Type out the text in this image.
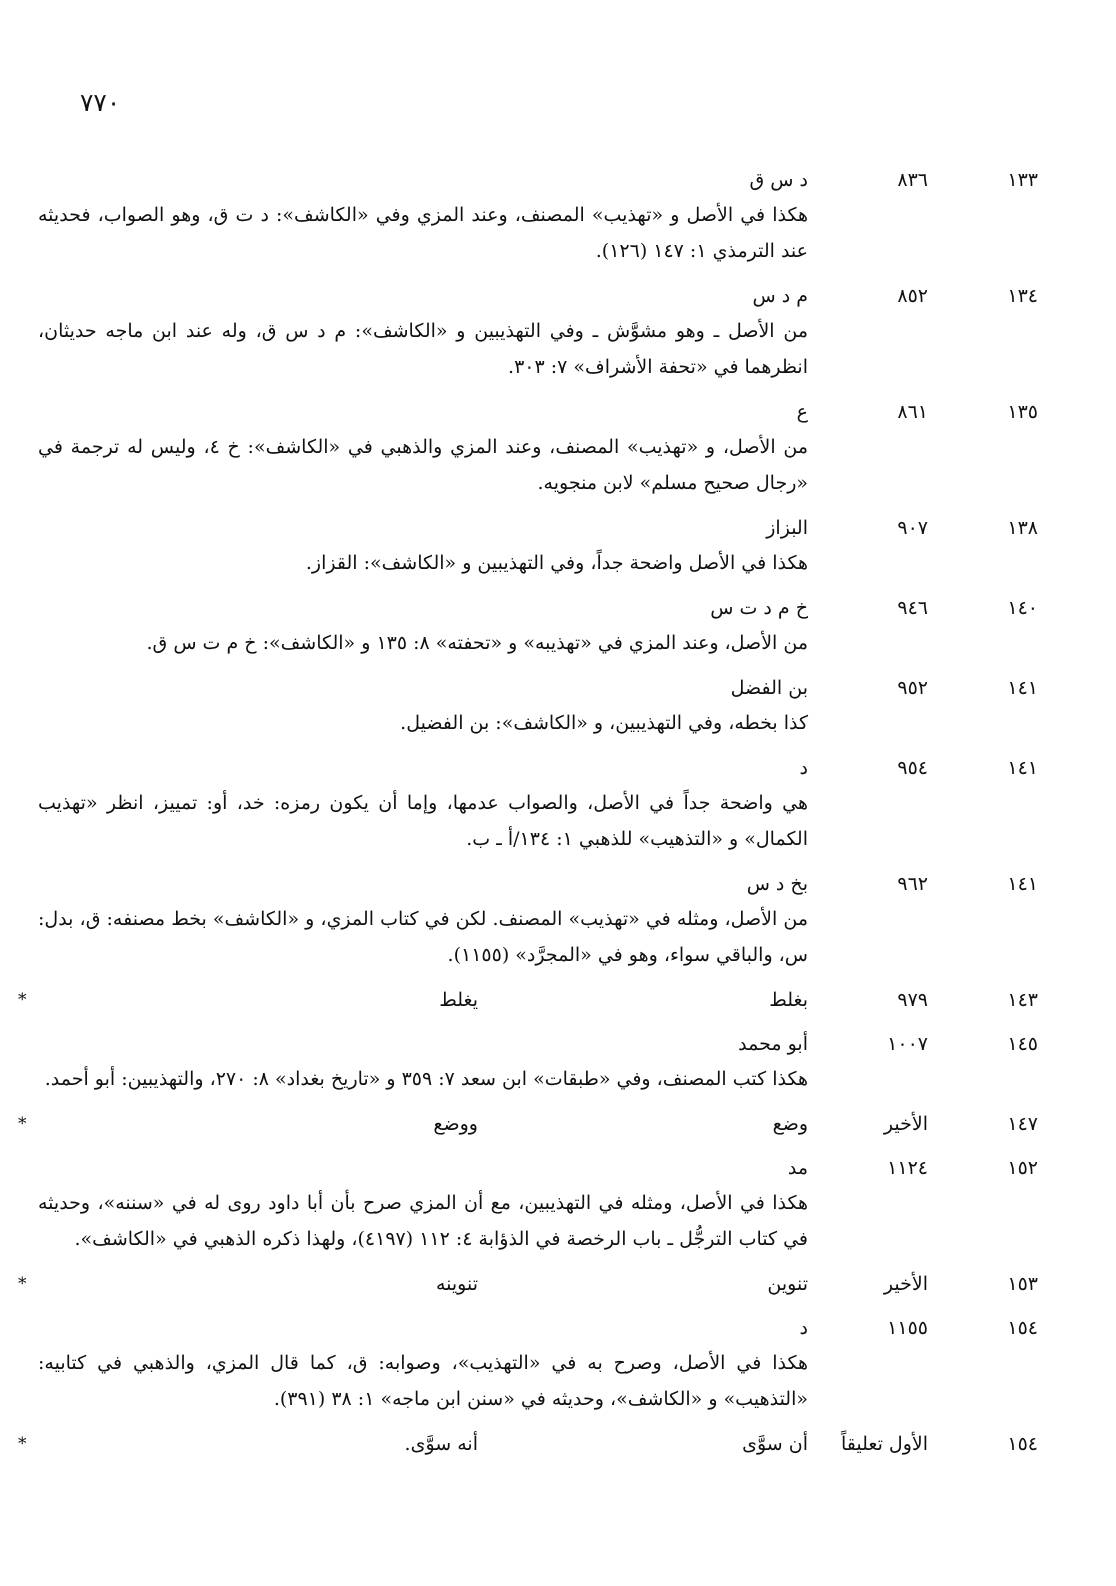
٧٧٠
١٣٣
٨٣٦
د س ق
هكذا في الأصل و «تهذيب» المصنف، وعند المزي وفي «الكاشف»: د ت ق، وهو الصواب، فحديثه عند الترمذي ١: ١٤٧ (١٢٦).
١٣٤
٨٥٢
م د س
من الأصل ـ وهو مشوَّش ـ وفي التهذيبين و «الكاشف»: م د س ق، وله عند ابن ماجه حديثان، انظرهما في «تحفة الأشراف» ٧: ٣٠٣.
١٣٥
٨٦١
ع
من الأصل، و «تهذيب» المصنف، وعند المزي والذهبي في «الكاشف»: خ ٤، وليس له ترجمة في «رجال صحيح مسلم» لابن منجويه.
١٣٨
٩٠٧
البزاز
هكذا في الأصل واضحة جداً، وفي التهذيبين و «الكاشف»: القزاز.
١٤٠
٩٤٦
خ م د ت س
من الأصل، وعند المزي في «تهذيبه» و «تحفته» ٨: ١٣٥ و «الكاشف»: خ م ت س ق.
١٤١
٩٥٢
بن الفضل
كذا بخطه، وفي التهذيبين، و «الكاشف»: بن الفضيل.
١٤١
٩٥٤
د
هي واضحة جداً في الأصل، والصواب عدمها، وإما أن يكون رمزه: خد، أو: تمييز، انظر «تهذيب الكمال» و «التذهيب» للذهبي ١: ١٣٤/أ ـ ب.
١٤١
٩٦٢
بخ د س
من الأصل، ومثله في «تهذيب» المصنف. لكن في كتاب المزي، و «الكاشف» بخط مصنفه: ق، بدل: س، والباقي سواء، وهو في «المجرَّد» (١١٥٥).
١٤٣
٩٧٩
بغلط
يغلط
*
١٤٥
١٠٠٧
أبو محمد
هكذا كتب المصنف، وفي «طبقات» ابن سعد ٧: ٣٥٩ و «تاريخ بغداد» ٨: ٢٧٠، والتهذيبين: أبو أحمد.
١٤٧
الأخير
وضع
ووضع
*
١٥٢
١١٢٤
مد
هكذا في الأصل، ومثله في التهذيبين، مع أن المزي صرح بأن أبا داود روى له في «سننه»، وحديثه في كتاب الترجُّل ـ باب الرخصة في الذؤابة ٤: ١١٢ (٤١٩٧)، ولهذا ذكره الذهبي في «الكاشف».
١٥٣
الأخير
تنوين
تنوينه
*
١٥٤
١١٥٥
د
هكذا في الأصل، وصرح به في «التهذيب»، وصوابه: ق، كما قال المزي، والذهبي في كتابيه: «التذهيب» و «الكاشف»، وحديثه في «سنن ابن ماجه» ١: ٣٨ (٣٩١).
١٥٤
الأول تعليقاً
أن سوَّى
أنه سوَّى.
*
